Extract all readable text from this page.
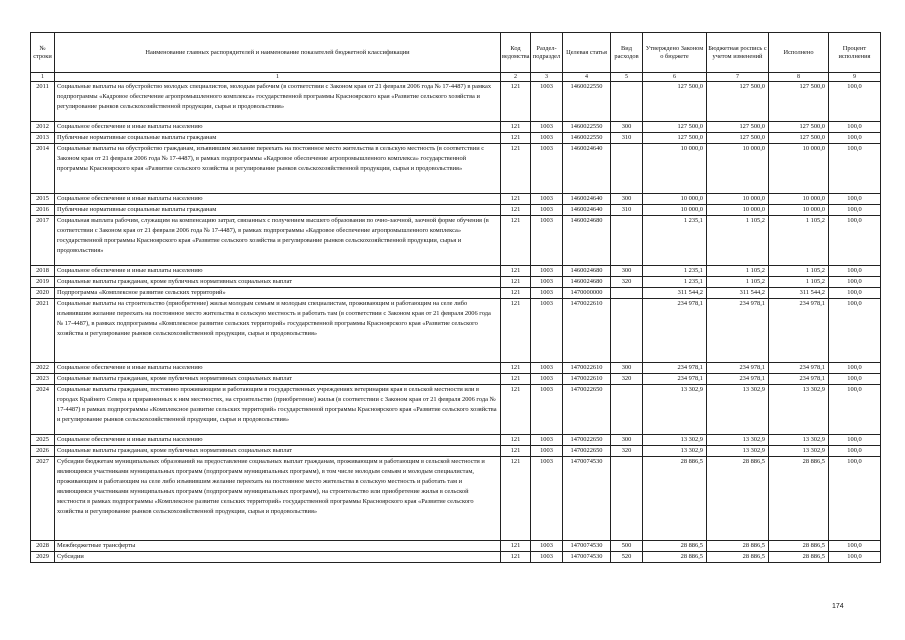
№ строки	Наименование главных распорядителей и наименование показателей бюджетной классификации	Код ведомства	Раздел-подраздел	Целевая статья	Вид расходов	Утверждено Законом о бюджете	Бюджетная роспись с учетом изменений	Исполнено	Процент исполнения
1	1	2	3	4	5	6	7	8	9
2011	Социальные выплаты на обустройство молодых специалистов, молодым рабочим (в соответствии с Законом края от 21 февраля 2006 года № 17-4487) в рамках подпрограммы «Кадровое обеспечение агропромышленного комплекса» государственной программы Красноярского края «Развитие сельского хозяйства и регулирование рынков сельскохозяйственной продукции, сырья и продовольствия»	121	1003	1460022550		127 500,0	127 500,0	127 500,0	100,0
2012	Социальное обеспечение и иные выплаты населению	121	1003	1460022550	300	127 500,0	127 500,0	127 500,0	100,0
2013	Публичные нормативные социальные выплаты гражданам	121	1003	1460022550	310	127 500,0	127 500,0	127 500,0	100,0
2014	Социальные выплаты на обустройство гражданам, изъявившим желание переехать на постоянное место жительства в сельскую местность (в соответствии с Законом края от 21 февраля 2006 года № 17-4487), в рамках подпрограммы «Кадровое обеспечение агропромышленного комплекса» государственной программы Красноярского края «Развитие сельского хозяйства и регулирование рынков сельскохозяйственной продукции, сырья и продовольствия»	121	1003	1460024640		10 000,0	10 000,0	10 000,0	100,0
2015	Социальное обеспечение и иные выплаты населению	121	1003	1460024640	300	10 000,0	10 000,0	10 000,0	100,0
2016	Публичные нормативные социальные выплаты гражданам	121	1003	1460024640	310	10 000,0	10 000,0	10 000,0	100,0
2017	Социальная выплата рабочим, служащим на компенсацию затрат, связанных с получением высшего образования по очно-заочной, заочной форме обучения (в соответствии с Законом края от 21 февраля 2006 года № 17-4487), в рамках подпрограммы «Кадровое обеспечение агропромышленного комплекса» государственной программы Красноярского края «Развитие сельского хозяйства и регулирование рынков сельскохозяйственной продукции, сырья и продовольствия»	121	1003	1460024680		1 235,1	1 105,2	1 105,2	100,0
2018	Социальное обеспечение и иные выплаты населению	121	1003	1460024680	300	1 235,1	1 105,2	1 105,2	100,0
2019	Социальные выплаты гражданам, кроме публичных нормативных социальных выплат	121	1003	1460024680	320	1 235,1	1 105,2	1 105,2	100,0
2020	Подпрограмма «Комплексное развитие сельских территорий»	121	1003	1470000000		311 544,2	311 544,2	311 544,2	100,0
2021	Социальные выплаты на строительство (приобретение) жилья молодым семьям и молодым специалистам, проживающим и работающим на селе либо изъявившим желание переехать на постоянное место жительства в сельскую местность и работать там (в соответствии с Законом края от 21 февраля 2006 года № 17-4487), в рамках подпрограммы «Комплексное развитие сельских территорий» государственной программы Красноярского края «Развитие сельского хозяйства и регулирование рынков сельскохозяйственной продукции, сырья и продовольствия»	121	1003	1470022610		234 978,1	234 978,1	234 978,1	100,0
2022	Социальное обеспечение и иные выплаты населению	121	1003	1470022610	300	234 978,1	234 978,1	234 978,1	100,0
2023	Социальные выплаты гражданам, кроме публичных нормативных социальных выплат	121	1003	1470022610	320	234 978,1	234 978,1	234 978,1	100,0
2024	Социальные выплаты гражданам, постоянно проживающим и работающим в государственных учреждениях ветеринарии края в сельской местности или в городах Крайнего Севера и приравненных к ним местностях, на строительство (приобретение) жилья (в соответствии с Законом края от 21 февраля 2006 года № 17-4487) в рамках подпрограммы «Комплексное развитие сельских территорий» государственной программы Красноярского края «Развитие сельского хозяйства и регулирование рынков сельскохозяйственной продукции, сырья и продовольствия»	121	1003	1470022650		13 302,9	13 302,9	13 302,9	100,0
2025	Социальное обеспечение и иные выплаты населению	121	1003	1470022650	300	13 302,9	13 302,9	13 302,9	100,0
2026	Социальные выплаты гражданам, кроме публичных нормативных социальных выплат	121	1003	1470022650	320	13 302,9	13 302,9	13 302,9	100,0
2027	Субсидии бюджетам муниципальных образований на предоставление социальных выплат гражданам, проживающим и работающим в сельской местности и являющимся участниками муниципальных программ (подпрограмм муниципальных программ), в том числе молодым семьям и молодым специалистам, проживающим и работающим на селе либо изъявившим желание переехать на постоянное место жительства в сельскую местность и работать там и являющимся участниками муниципальных программ (подпрограмм муниципальных программ), на строительство или приобретение жилья в сельской местности в рамках подпрограммы «Комплексное развитие сельских территорий» государственной программы Красноярского края «Развитие сельского хозяйства и регулирование рынков сельскохозяйственной продукции, сырья и продовольствия»	121	1003	1470074530		28 886,5	28 886,5	28 886,5	100,0
2028	Межбюджетные трансферты	121	1003	1470074530	500	28 886,5	28 886,5	28 886,5	100,0
2029	Субсидии	121	1003	1470074530	520	28 886,5	28 886,5	28 886,5	100,0
174
